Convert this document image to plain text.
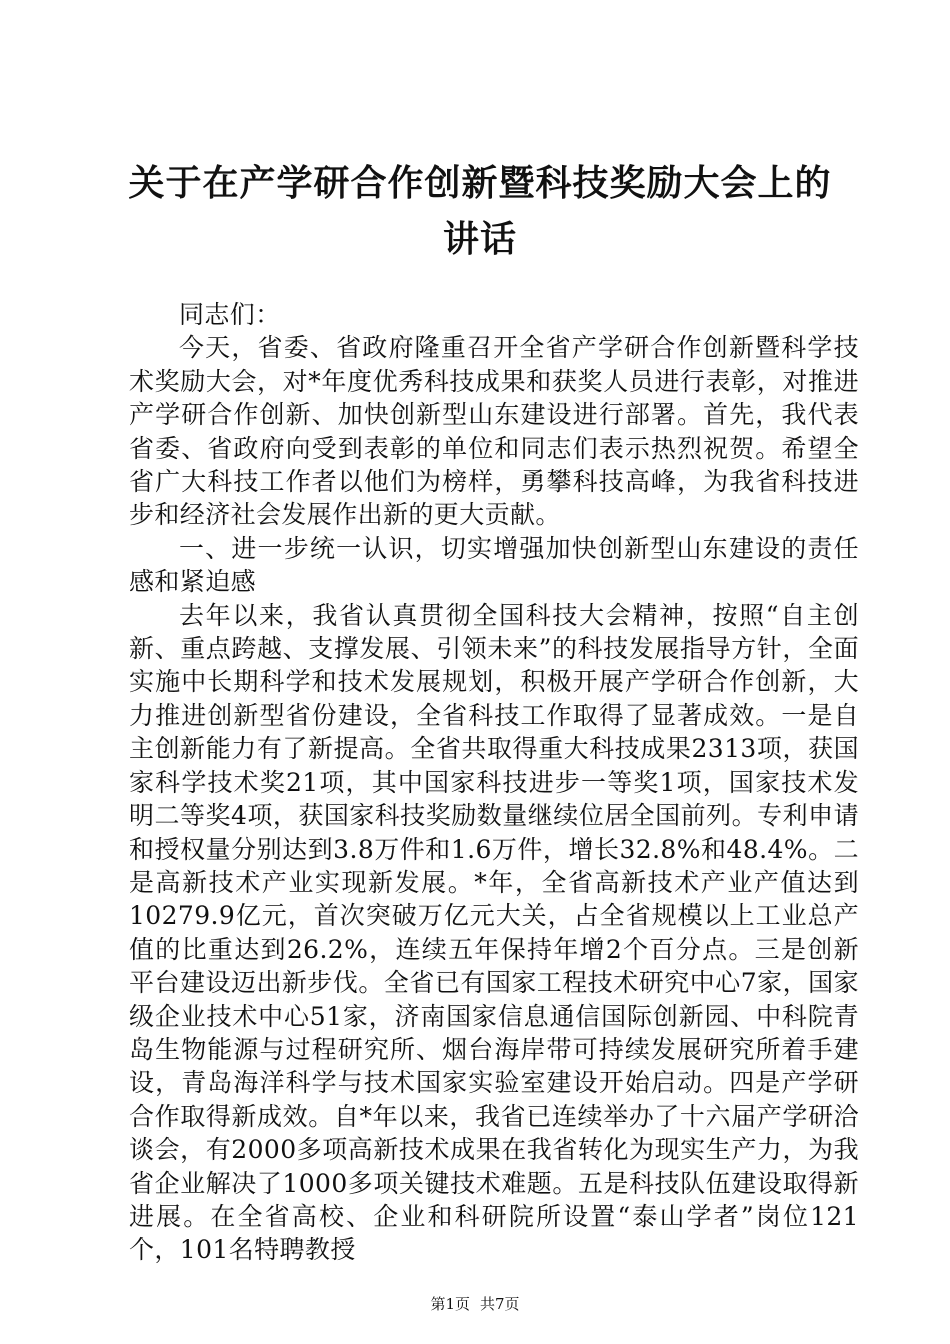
关于在产学研合作创新暨科技奖励大会上的讲话

同志们：

今天，省委、省政府隆重召开全省产学研合作创新暨科学技术奖励大会，对*年度优秀科技成果和获奖人员进行表彰，对推进产学研合作创新、加快创新型山东建设进行部署。首先，我代表省委、省政府向受到表彰的单位和同志们表示热烈祝贺。希望全省广大科技工作者以他们为榜样，勇攀科技高峰，为我省科技进步和经济社会发展作出新的更大贡献。

一、进一步统一认识，切实增强加快创新型山东建设的责任感和紧迫感

去年以来，我省认真贯彻全国科技大会精神，按照“自主创新、重点跨越、支撑发展、引领未来”的科技发展指导方针，全面实施中长期科学和技术发展规划，积极开展产学研合作创新，大力推进创新型省份建设，全省科技工作取得了显著成效。一是自主创新能力有了新提高。全省共取得重大科技成果2313项，获国家科学技术奖21项，其中国家科技进步一等奖1项，国家技术发明二等奖4项，获国家科技奖励数量继续位居全国前列。专利申请和授权量分别达到3.8万件和1.6万件，增长32.8%和48.4%。二是高新技术产业实现新发展。*年，全省高新技术产业产值达到10279.9亿元，首次突破万亿元大关，占全省规模以上工业总产值的比重达到26.2%，连续五年保持年增2个百分点。三是创新平台建设迈出新步伐。全省已有国家工程技术研究中心7家，国家级企业技术中心51家，济南国家信息通信国际创新园、中科院青岛生物能源与过程研究所、烟台海岸带可持续发展研究所着手建设，青岛海洋科学与技术国家实验室建设开始启动。四是产学研合作取得新成效。自*年以来，我省已连续举办了十六届产学研洽谈会，有2000多项高新技术成果在我省转化为现实生产力，为我省企业解决了1000多项关键技术难题。五是科技队伍建设取得新进展。在全省高校、企业和科研院所设置“泰山学者”岗位121个，101名特聘教授

第1页 共7页
